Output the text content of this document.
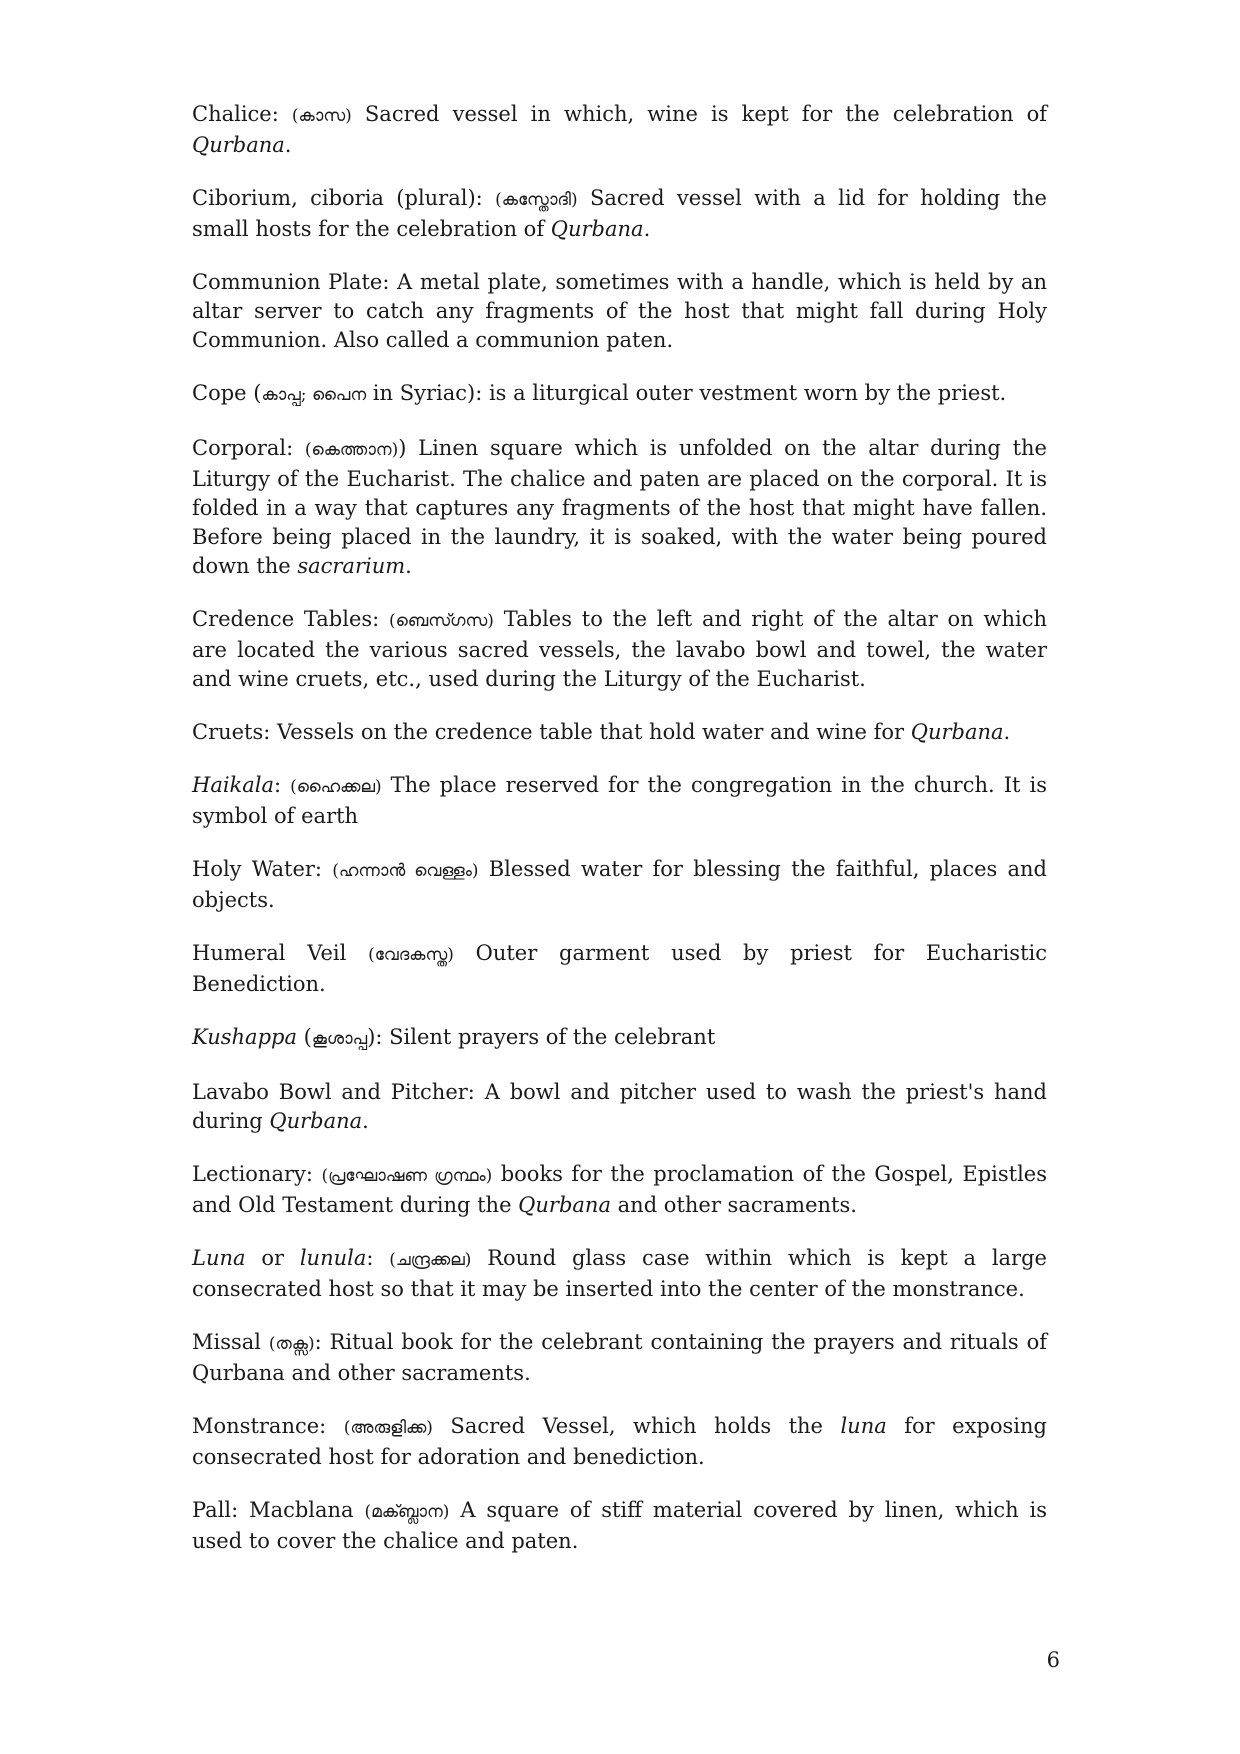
Chalice: (കാസ) Sacred vessel in which, wine is kept for the celebration of Qurbana.

Ciborium, ciboria (plural): (കസ്തോദി) Sacred vessel with a lid for holding the small hosts for the celebration of Qurbana.

Communion Plate: A metal plate, sometimes with a handle, which is held by an altar server to catch any fragments of the host that might fall during Holy Communion. Also called a communion paten.

Cope (കാപ്പ; പൈന in Syriac): is a liturgical outer vestment worn by the priest.

Corporal: (കെത്താന)) Linen square which is unfolded on the altar during the Liturgy of the Eucharist. The chalice and paten are placed on the corporal. It is folded in a way that captures any fragments of the host that might have fallen. Before being placed in the laundry, it is soaked, with the water being poured down the sacrarium.

Credence Tables: (ബെസ്ഗസ) Tables to the left and right of the altar on which are located the various sacred vessels, the lavabo bowl and towel, the water and wine cruets, etc., used during the Liturgy of the Eucharist.

Cruets: Vessels on the credence table that hold water and wine for Qurbana.

Haikala: (ഹൈക്കല) The place reserved for the congregation in the church. It is symbol of earth

Holy Water: (ഹന്നാൻ വെള്ളം) Blessed water for blessing the faithful, places and objects.

Humeral Veil (വേദകസ്ത) Outer garment used by priest for Eucharistic Benediction.

Kushappa (കൂശാപ്പ): Silent prayers of the celebrant

Lavabo Bowl and Pitcher: A bowl and pitcher used to wash the priest's hand during Qurbana.

Lectionary: (പ്രഘോഷണ ഗ്രന്ഥം) books for the proclamation of the Gospel, Epistles and Old Testament during the Qurbana and other sacraments.

Luna or lunula: (ചന്ദ്രക്കല) Round glass case within which is kept a large consecrated host so that it may be inserted into the center of the monstrance.

Missal (തക്സ): Ritual book for the celebrant containing the prayers and rituals of Qurbana and other sacraments.

Monstrance: (അരുളിക്ക) Sacred Vessel, which holds the luna for exposing consecrated host for adoration and benediction.

Pall: Macblana (മക്ബ്ലാന) A square of stiff material covered by linen, which is used to cover the chalice and paten.

6
